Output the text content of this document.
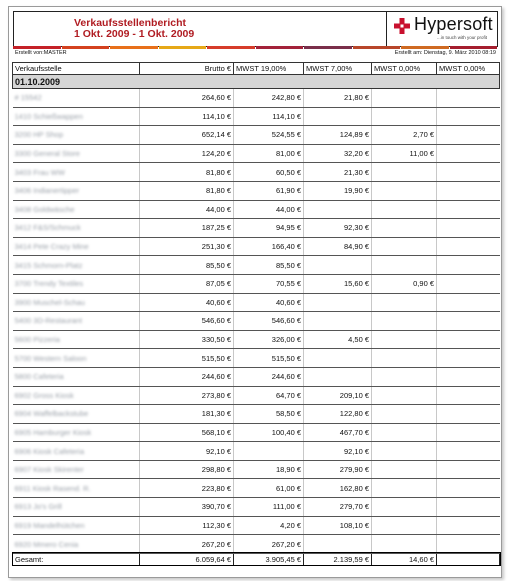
Verkaufsstellenbericht
1 Okt. 2009 - 1 Okt. 2009	Hypersoft
...in touch with your profit
Erstellt von:MASTER	Erstellt am: Dienstag, 9. März 2010 08:19
Verkaufsstelle	Brutto €	MWST 19,00%	MWST 7,00%	MWST 0,00%	MWST 0,00%
01.10.2009					
# 15542	264,60 €	242,80 €	21,80 €		
1410 Schießwappen	114,10 €	114,10 €			
3200 HP Shop	652,14 €	524,55 €	124,89 €	2,70 €	
3300 General Store	124,20 €	81,00 €	32,20 €	11,00 €	
3403 Frau WW	81,80 €	60,50 €	21,30 €		
3406 Indianertipper	81,80 €	61,90 €	19,90 €		
3408 Goldwäsche	44,00 €	44,00 €			
3412 F&S/Schmuck	187,25 €	94,95 €	92,30 €		
3414 Pete Crazy Mine	251,30 €	166,40 €	84,90 €		
3415 Schmorn-Platz	85,50 €	85,50 €			
3700 Trendy Textiles	87,05 €	70,55 €	15,60 €	0,90 €	
3900 Muschel-Schau	40,60 €	40,60 €			
5400 3D-Restaurant	546,60 €	546,60 €			
5600 Pizzeria	330,50 €	326,00 €	4,50 €		
5700 Western Saloon	515,50 €	515,50 €			
5800 Cafeteria	244,60 €	244,60 €			
6902 Gross Kiosk	273,80 €	64,70 €	209,10 €		
6904 Waffelbackstube	181,30 €	58,50 €	122,80 €		
6905 Hamburger Kiosk	568,10 €	100,40 €	467,70 €		
6906 Kiosk Cafeteria	92,10 €		92,10 €		
6907 Kiosk Skirenter	298,80 €	18,90 €	279,90 €		
6911 Kiosk Rasend. R.	223,80 €	61,00 €	162,80 €		
6913 Jo's Grill	390,70 €	111,00 €	279,70 €		
6919 Mandelhütchen	112,30 €	4,20 €	108,10 €		
6920 Mmero Cenia	267,20 €	267,20 €			
Gesamt:	6.059,64 €	3.905,45 €	2.139,59 €	14,60 €	
